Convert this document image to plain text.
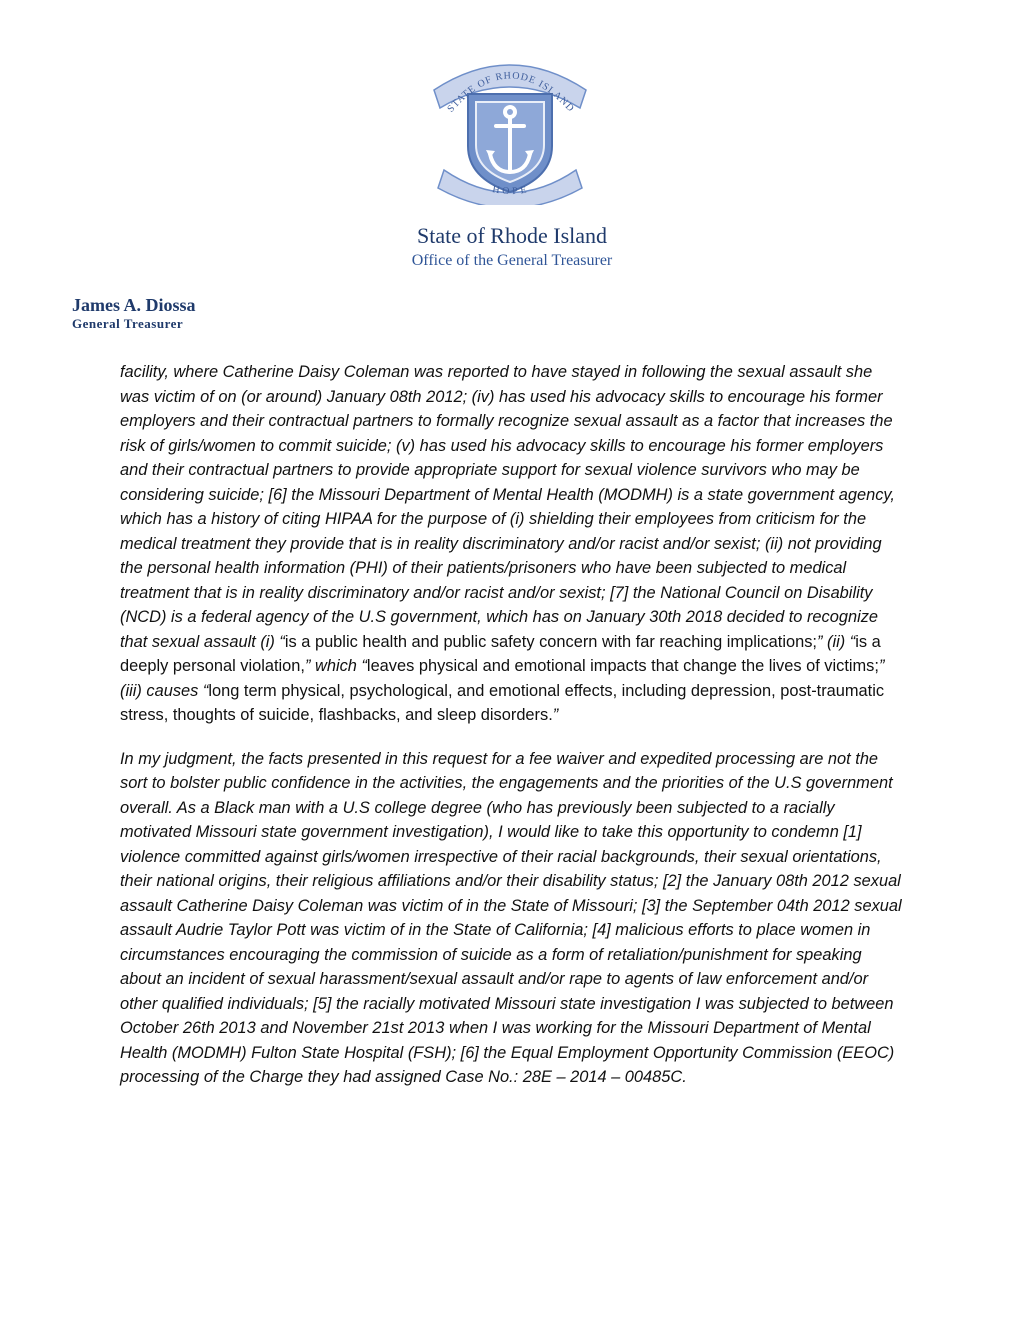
STATE OF RHODE ISLAND
HOPE
State of Rhode Island
Office of the General Treasurer
James A. Diossa
General Treasurer

facility, where Catherine Daisy Coleman was reported to have stayed in following the sexual assault she was victim of on (or around) January 08th 2012; (iv) has used his advocacy skills to encourage his former employers and their contractual partners to formally recognize sexual assault as a factor that increases the risk of girls/women to commit suicide; (v) has used his advocacy skills to encourage his former employers and their contractual partners to provide appropriate support for sexual violence survivors who may be considering suicide; [6] the Missouri Department of Mental Health (MODMH) is a state government agency, which has a history of citing HIPAA for the purpose of (i) shielding their employees from criticism for the medical treatment they provide that is in reality discriminatory and/or racist and/or sexist; (ii) not providing the personal health information (PHI) of their patients/prisoners who have been subjected to medical treatment that is in reality discriminatory and/or racist and/or sexist; [7] the National Council on Disability (NCD) is a federal agency of the U.S government, which has on January 30th 2018 decided to recognize that sexual assault (i) “is a public health and public safety concern with far reaching implications;” (ii) “is a deeply personal violation,” which “leaves physical and emotional impacts that change the lives of victims;” (iii) causes “long term physical, psychological, and emotional effects, including depression, post-traumatic stress, thoughts of suicide, flashbacks, and sleep disorders.”

In my judgment, the facts presented in this request for a fee waiver and expedited processing are not the sort to bolster public confidence in the activities, the engagements and the priorities of the U.S government overall. As a Black man with a U.S college degree (who has previously been subjected to a racially motivated Missouri state government investigation), I would like to take this opportunity to condemn [1] violence committed against girls/women irrespective of their racial backgrounds, their sexual orientations, their national origins, their religious affiliations and/or their disability status; [2] the January 08th 2012 sexual assault Catherine Daisy Coleman was victim of in the State of Missouri; [3] the September 04th 2012 sexual assault Audrie Taylor Pott was victim of in the State of California; [4] malicious efforts to place women in circumstances encouraging the commission of suicide as a form of retaliation/punishment for speaking about an incident of sexual harassment/sexual assault and/or rape to agents of law enforcement and/or other qualified individuals; [5] the racially motivated Missouri state investigation I was subjected to between October 26th 2013 and November 21st 2013 when I was working for the Missouri Department of Mental Health (MODMH) Fulton State Hospital (FSH); [6] the Equal Employment Opportunity Commission (EEOC) processing of the Charge they had assigned Case No.: 28E – 2014 – 00485C.
